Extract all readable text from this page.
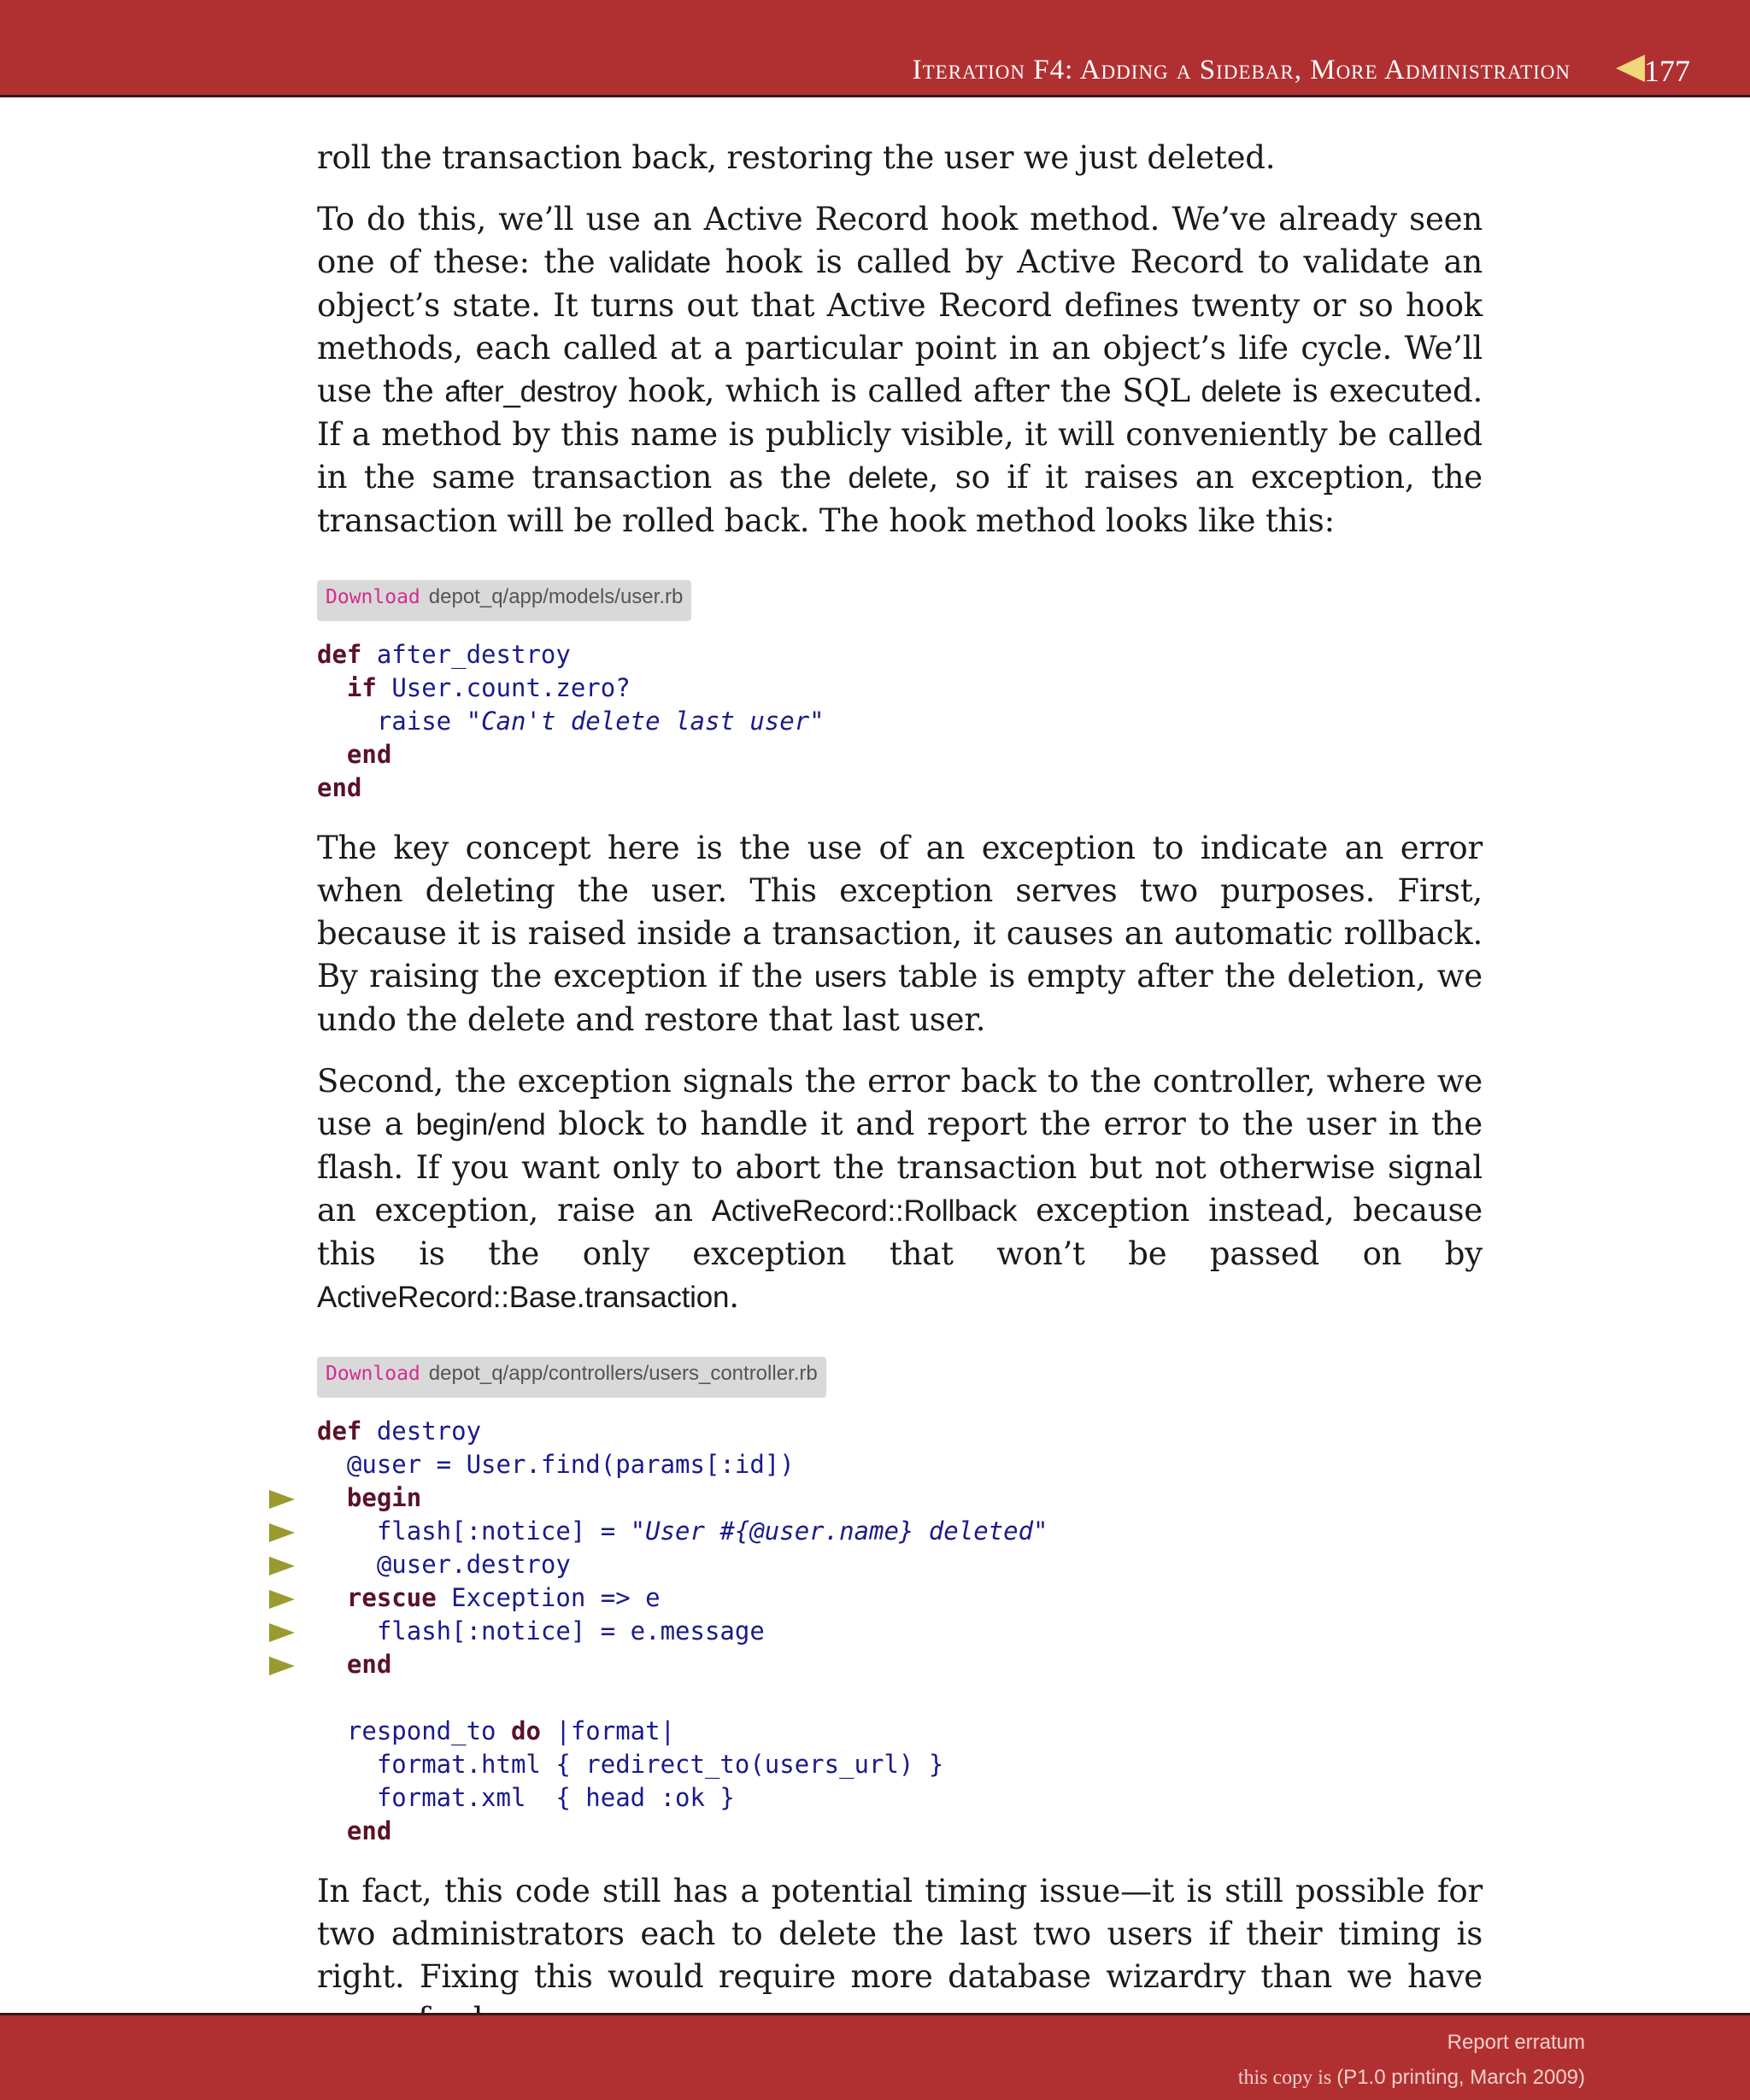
Iteration F4: Adding a Sidebar, More Administration 177

roll the transaction back, restoring the user we just deleted.

To do this, we’ll use an Active Record hook method. We’ve already seen one of these: the validate hook is called by Active Record to validate an object’s state. It turns out that Active Record defines twenty or so hook methods, each called at a particular point in an object’s life cycle. We’ll use the after_destroy hook, which is called after the SQL delete is executed. If a method by this name is publicly visible, it will conveniently be called in the same transaction as the delete, so if it raises an exception, the transaction will be rolled back. The hook method looks like this:

Download depot_q/app/models/user.rb
def after_destroy
if User.count.zero?
raise "Can't delete last user"
end
end

The key concept here is the use of an exception to indicate an error when deleting the user. This exception serves two purposes. First, because it is raised inside a transaction, it causes an automatic rollback. By raising the exception if the users table is empty after the deletion, we undo the delete and restore that last user.

Second, the exception signals the error back to the controller, where we use a begin/end block to handle it and report the error to the user in the flash. If you want only to abort the transaction but not otherwise signal an exception, raise an ActiveRecord::Rollback exception instead, because this is the only exception that won’t be passed on by ActiveRecord::Base.transaction.

Download depot_q/app/controllers/users_controller.rb
def destroy
@user = User.find(params[:id])
begin
flash[:notice] = "User #{@user.name} deleted"
@user.destroy
rescue Exception => e
flash[:notice] = e.message
end
respond_to do |format|
format.html { redirect_to(users_url) }
format.xml  { head :ok }
end

In fact, this code still has a potential timing issue—it is still possible for two administrators each to delete the last two users if their timing is right. Fixing this would require more database wizardry than we have

Report erratum
this copy is (P1.0 printing, March 2009)
